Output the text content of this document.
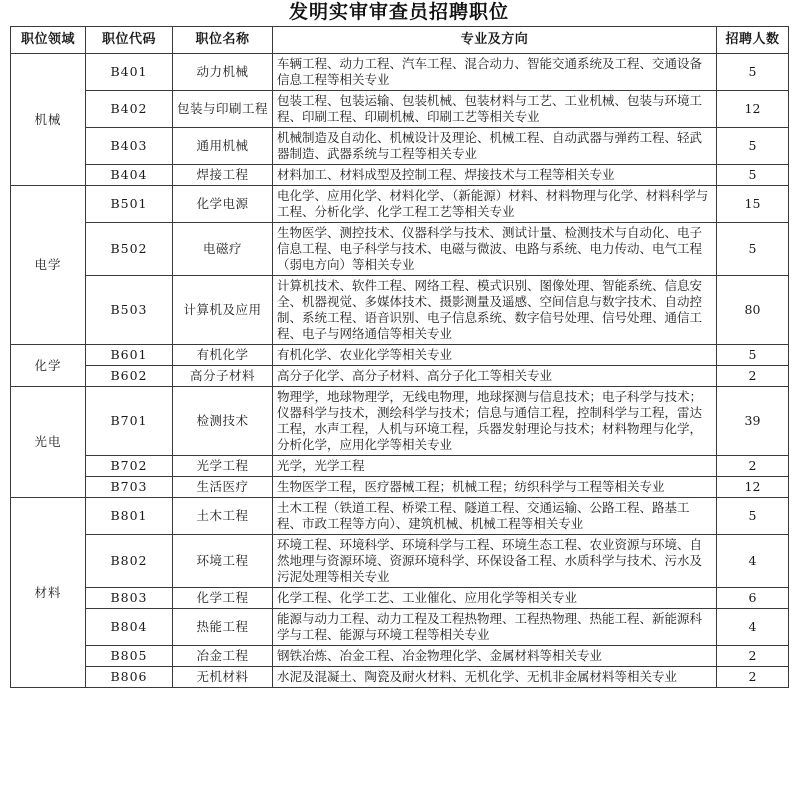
发明实审审查员招聘职位
职位领域	职位代码	职位名称	专业及方向	招聘人数
机械	B401	动力机械	车辆工程、动力工程、汽车工程、混合动力、智能交通系统及工程、交通设备信息工程等相关专业	5
	B402	包装与印刷工程	包装工程、包装运输、包装机械、包装材料与工艺、工业机械、包装与环境工程、印刷工程、印刷机械、印刷工艺等相关专业	12
	B403	通用机械	机械制造及自动化、机械设计及理论、机械工程、自动武器与弹药工程、轻武器制造、武器系统与工程等相关专业	5
	B404	焊接工程	材料加工、材料成型及控制工程、焊接技术与工程等相关专业	5
电学	B501	化学电源	电化学、应用化学、材料化学、（新能源）材料、材料物理与化学、材料科学与工程、分析化学、化学工程工艺等相关专业	15
	B502	电磁疗	生物医学、测控技术、仪器科学与技术、测试计量、检测技术与自动化、电子信息工程、电子科学与技术、电磁与微波、电路与系统、电力传动、电气工程（弱电方向）等相关专业	5
	B503	计算机及应用	计算机技术、软件工程、网络工程、模式识别、图像处理、智能系统、信息安全、机器视觉、多媒体技术、摄影测量及遥感、空间信息与数字技术、自动控制、系统工程、语音识别、电子信息系统、数字信号处理、信号处理、通信工程、电子与网络通信等相关专业	80
化学	B601	有机化学	有机化学、农业化学等相关专业	5
	B602	高分子材料	高分子化学、高分子材料、高分子化工等相关专业	2
光电	B701	检测技术	物理学，地球物理学，无线电物理，地球探测与信息技术；电子科学与技术；仪器科学与技术，测绘科学与技术；信息与通信工程，控制科学与工程，雷达工程，水声工程，人机与环境工程，兵器发射理论与技术；材料物理与化学，分析化学，应用化学等相关专业	39
	B702	光学工程	光学，光学工程	2
	B703	生活医疗	生物医学工程，医疗器械工程；机械工程；纺织科学与工程等相关专业	12
材料	B801	土木工程	土木工程（铁道工程、桥梁工程、隧道工程、交通运输、公路工程、路基工程、市政工程等方向）、建筑机械、机械工程等相关专业	5
	B802	环境工程	环境工程、环境科学、环境科学与工程、环境生态工程、农业资源与环境、自然地理与资源环境、资源环境科学、环保设备工程、水质科学与技术、污水及污泥处理等相关专业	4
	B803	化学工程	化学工程、化学工艺、工业催化、应用化学等相关专业	6
	B804	热能工程	能源与动力工程、动力工程及工程热物理、工程热物理、热能工程、新能源科学与工程、能源与环境工程等相关专业	4
	B805	冶金工程	钢铁冶炼、冶金工程、冶金物理化学、金属材料等相关专业	2
	B806	无机材料	水泥及混凝土、陶瓷及耐火材料、无机化学、无机非金属材料等相关专业	2
